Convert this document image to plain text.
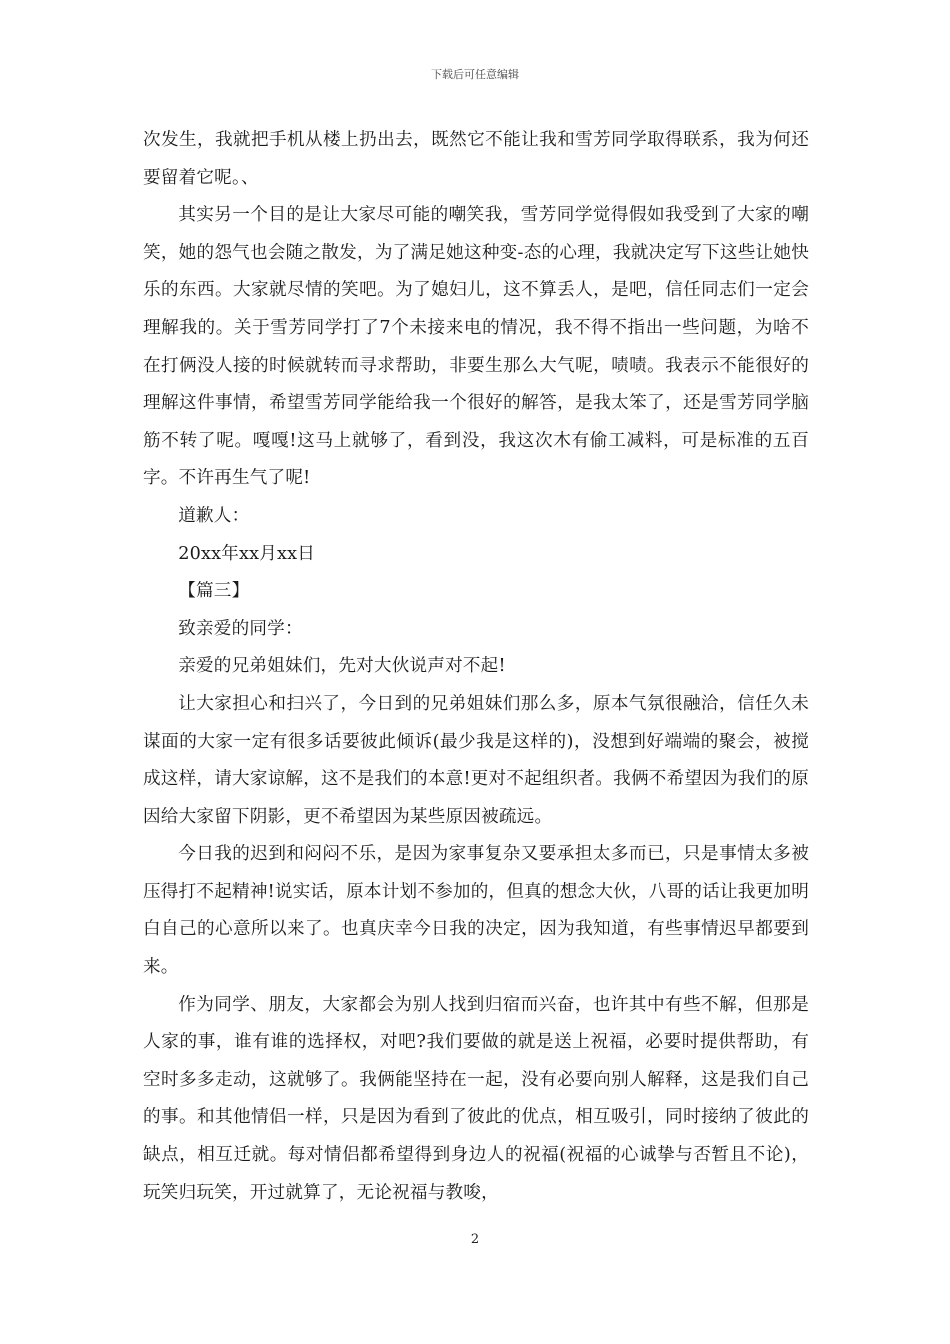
下载后可任意编辑

次发生，我就把手机从楼上扔出去，既然它不能让我和雪芳同学取得联系，我为何还要留着它呢。、

其实另一个目的是让大家尽可能的嘲笑我，雪芳同学觉得假如我受到了大家的嘲笑，她的怨气也会随之散发，为了满足她这种变-态的心理，我就决定写下这些让她快乐的东西。大家就尽情的笑吧。为了媳妇儿，这不算丢人，是吧，信任同志们一定会理解我的。关于雪芳同学打了7个未接来电的情况，我不得不指出一些问题，为啥不在打俩没人接的时候就转而寻求帮助，非要生那么大气呢，啧啧。我表示不能很好的理解这件事情，希望雪芳同学能给我一个很好的解答，是我太笨了，还是雪芳同学脑筋不转了呢。嘎嘎!这马上就够了，看到没，我这次木有偷工减料，可是标准的五百字。不许再生气了呢!

道歉人：

20xx年xx月xx日

【篇三】

致亲爱的同学：

亲爱的兄弟姐妹们，先对大伙说声对不起!

让大家担心和扫兴了，今日到的兄弟姐妹们那么多，原本气氛很融洽，信任久未谋面的大家一定有很多话要彼此倾诉(最少我是这样的)，没想到好端端的聚会，被搅成这样，请大家谅解，这不是我们的本意!更对不起组织者。我俩不希望因为我们的原因给大家留下阴影，更不希望因为某些原因被疏远。

今日我的迟到和闷闷不乐，是因为家事复杂又要承担太多而已，只是事情太多被压得打不起精神!说实话，原本计划不参加的，但真的想念大伙，八哥的话让我更加明白自己的心意所以来了。也真庆幸今日我的决定，因为我知道，有些事情迟早都要到来。

作为同学、朋友，大家都会为别人找到归宿而兴奋，也许其中有些不解，但那是人家的事，谁有谁的选择权，对吧?我们要做的就是送上祝福，必要时提供帮助，有空时多多走动，这就够了。我俩能坚持在一起，没有必要向别人解释，这是我们自己的事。和其他情侣一样，只是因为看到了彼此的优点，相互吸引，同时接纳了彼此的缺点，相互迁就。每对情侣都希望得到身边人的祝福(祝福的心诚挚与否暂且不论)，玩笑归玩笑，开过就算了，无论祝福与教唆，

2
